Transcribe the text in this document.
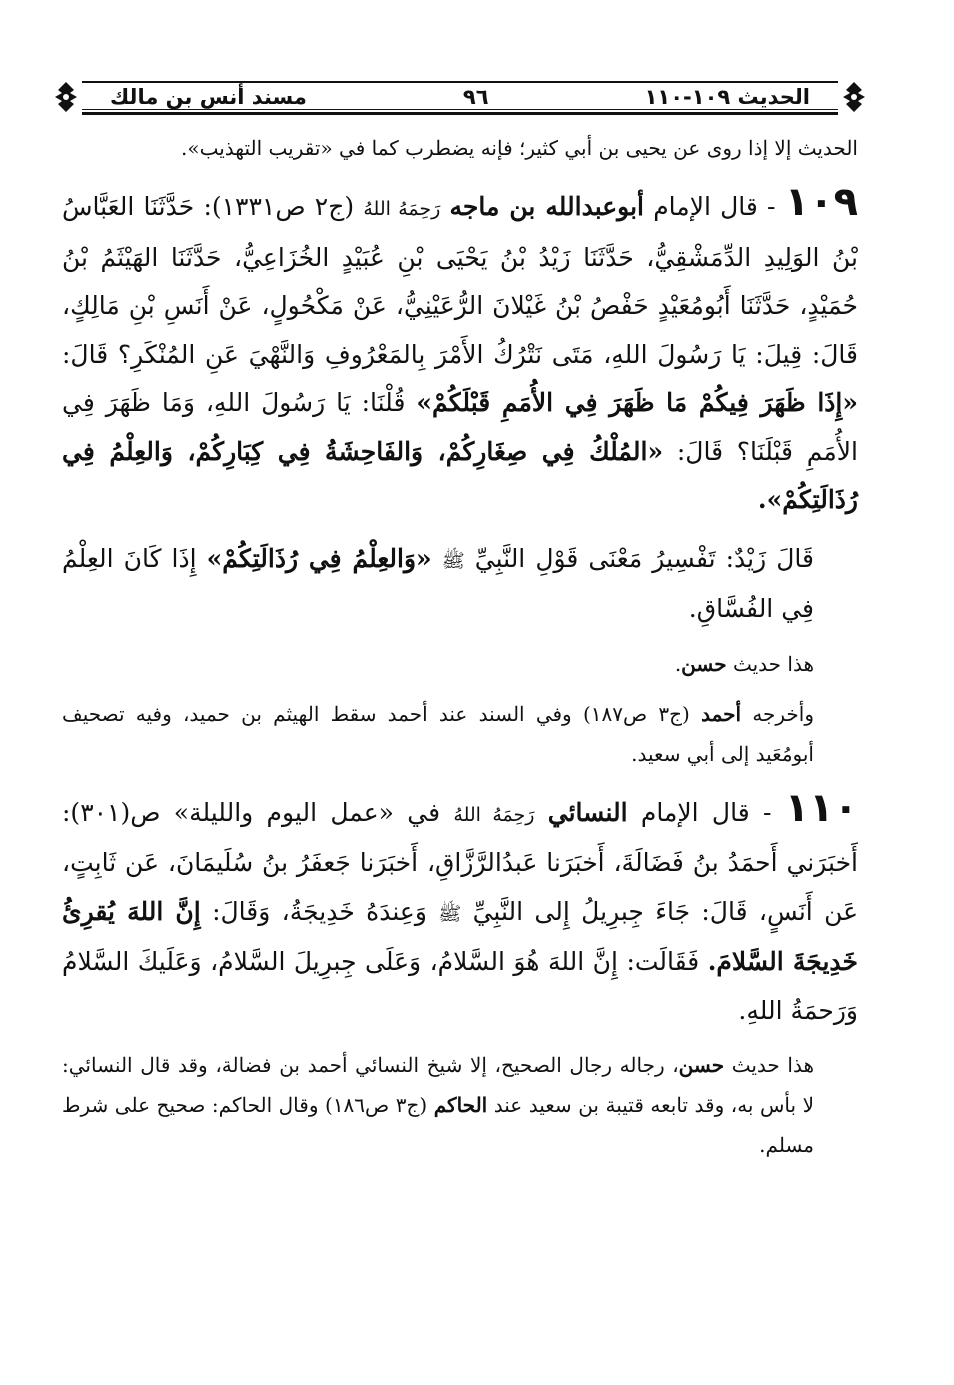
الحديث ١٠٩-١١٠
٩٦
مسند أنس بن مالك

الحديث إلا إذا روى عن يحيى بن أبي كثير؛ فإنه يضطرب كما في «تقريب التهذيب».

١٠٩ - قال الإمام أبوعبدالله بن ماجه رَحِمَهُ اللهُ (ج٢ ص١٣٣١): حَدَّثَنَا العَبَّاسُ بْنُ الوَلِيدِ الدِّمَشْقِيُّ، حَدَّثَنَا زَيْدُ بْنُ يَحْيَى بْنِ عُبَيْدٍ الخُزَاعِيُّ، حَدَّثَنَا الهَيْثَمُ بْنُ حُمَيْدٍ، حَدَّثَنَا أَبُومُعَيْدٍ حَفْصُ بْنُ غَيْلانَ الرُّعَيْنِيُّ، عَنْ مَكْحُولٍ، عَنْ أَنَسِ بْنِ مَالِكٍ، قَالَ: قِيلَ: يَا رَسُولَ اللهِ، مَتَى نَتْرُكُ الأَمْرَ بِالمَعْرُوفِ وَالنَّهْيَ عَنِ المُنْكَرِ؟ قَالَ: «إِذَا ظَهَرَ فِيكُمْ مَا ظَهَرَ فِي الأُمَمِ قَبْلَكُمْ» قُلْنَا: يَا رَسُولَ اللهِ، وَمَا ظَهَرَ فِي الأُمَمِ قَبْلَنَا؟ قَالَ: «المُلْكُ فِي صِغَارِكُمْ، وَالفَاحِشَةُ فِي كِبَارِكُمْ، وَالعِلْمُ فِي رُذَالَتِكُمْ».

قَالَ زَيْدٌ: تَفْسِيرُ مَعْنَى قَوْلِ النَّبِيِّ ﷺ «وَالعِلْمُ فِي رُذَالَتِكُمْ» إِذَا كَانَ العِلْمُ فِي الفُسَّاقِ.

هذا حديث حسن.

وأخرجه أحمد (ج٣ ص١٨٧) وفي السند عند أحمد سقط الهيثم بن حميد، وفيه تصحيف أبومُعَيد إلى أبي سعيد.

١١٠ - قال الإمام النسائي رَحِمَهُ اللهُ في «عمل اليوم والليلة» ص(٣٠١): أَخبَرَني أَحمَدُ بنُ فَضَالَةَ، أَخبَرَنا عَبدُالرَّزَّاقِ، أَخبَرَنا جَعفَرُ بنُ سُلَيمَانَ، عَن ثَابِتٍ، عَن أَنَسٍ، قَالَ: جَاءَ جِبرِيلُ إِلى النَّبِيِّ ﷺ وَعِندَهُ خَدِيجَةُ، وَقَالَ: إِنَّ اللهَ يُقرِئُ خَدِيجَةَ السَّلامَ. فَقَالَت: إِنَّ اللهَ هُوَ السَّلامُ، وَعَلَى جِبرِيلَ السَّلامُ، وَعَلَيكَ السَّلامُ وَرَحمَةُ اللهِ.

هذا حديث حسن، رجاله رجال الصحيح، إلا شيخ النسائي أحمد بن فضالة، وقد قال النسائي: لا بأس به، وقد تابعه قتيبة بن سعيد عند الحاكم (ج٣ ص١٨٦) وقال الحاكم: صحيح على شرط مسلم.
